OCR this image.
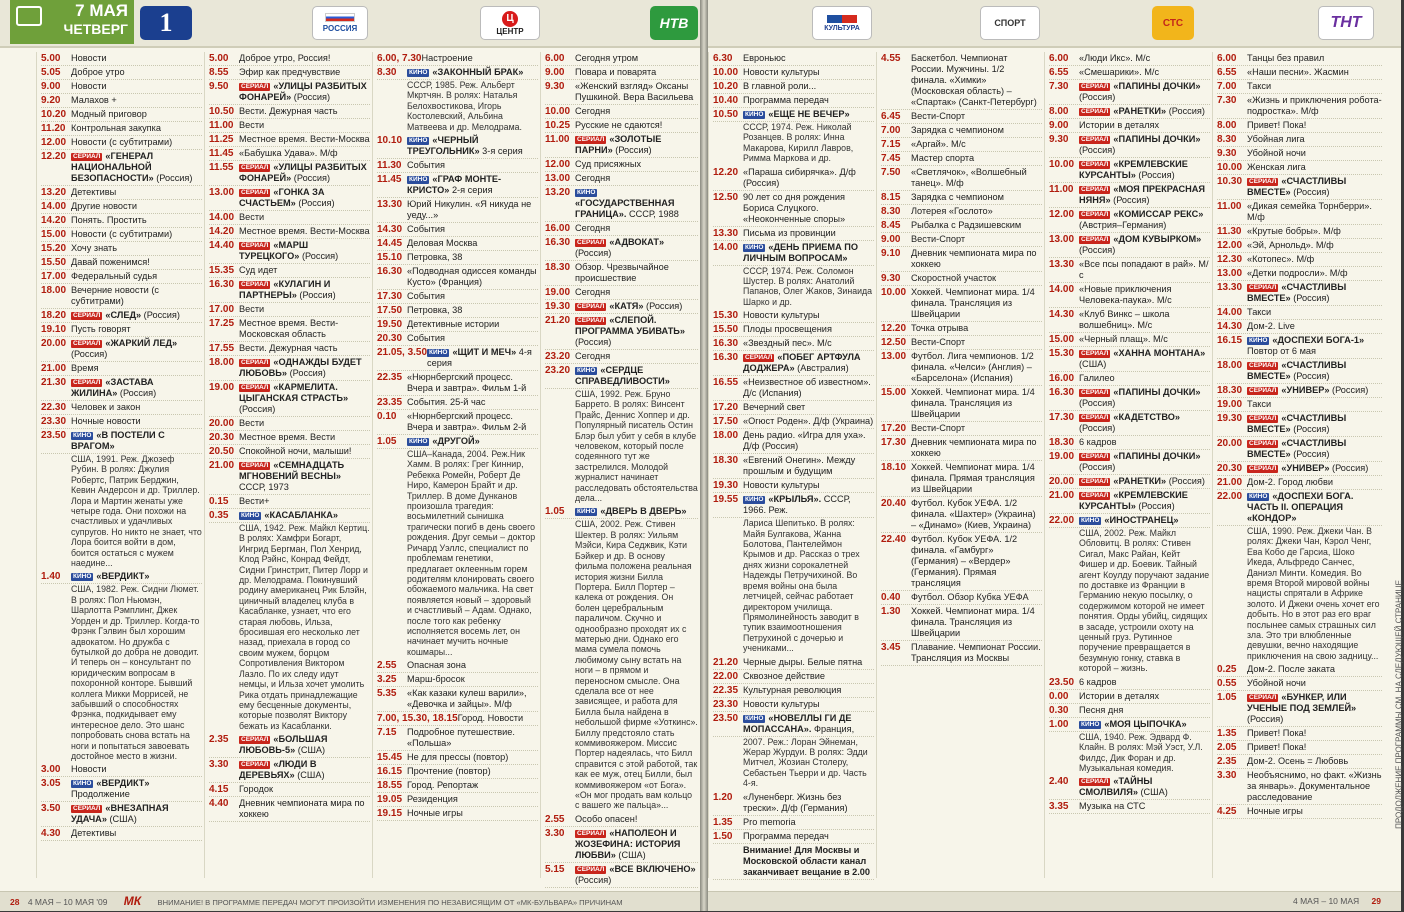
7 МАЯ
ЧЕТВЕРГ	1	РОССИЯ
Ц
ЦЕНТР	НТВ
5.00	Новости
5.05	Доброе утро
9.00	Новости
9.20	Малахов +
10.20 Модный приговор
11.20 Контрольная закупка
12.00 Новости (с субтитрами)
12.20	СЕРИАЛ «ГЕНЕРАЛ НАЦИОНАЛЬНОЙ БЕЗОПАСНОСТИ» (Россия)
13.20 Детективы
14.00 Другие новости
14.20 Понять. Простить
15.00 Новости (с субтитрами)
15.20 Хочу знать
15.50 Давай поженимся!
17.00 Федеральный судья
18.00 Вечерние новости (с субтитрами)
18.20	СЕРИАЛ «СЛЕД» (Россия)
19.10 Пусть говорят
20.00	СЕРИАЛ «ЖАРКИЙ ЛЕД» (Россия)
21.00 Время
21.30	СЕРИАЛ «ЗАСТАВА ЖИЛИНА» (Россия)
22.30 Человек и закон
23.30 Ночные новости
23.50	КИНО «В ПОСТЕЛИ С ВРАГОМ»
США, 1991. Реж. Джозеф Рубин. В ролях: Джулия Робертс, Патрик Берджин, Кевин Андерсон и др. Триллер. Лора и Мартин женаты уже четыре года. Они похожи на счастливых и удачливых супругов. Но никто не знает, что Лора боится войти в дом, боится остаться с мужем наедине...
1.40	КИНО «ВЕРДИКТ»
США, 1982. Реж. Сидни Люмет. В ролях: Пол Ньюмэн, Шарлотта Рэмплинг, Джек Уорден и др. Триллер. Когда-то Фрэнк Гэлвин был хорошим адвокатом. Но дружба с бутылкой до добра не доводит. И теперь он – консультант по юридическим вопросам в похоронной конторе. Бывший коллега Микки Моррисей, не забывший о способностях Фрэнка, подкидывает ему интересное дело. Это шанс попробовать снова встать на ноги и попытаться завоевать достойное место в жизни.
3.00	Новости
3.05	КИНО «ВЕРДИКТ» Продолжение
3.50	СЕРИАЛ «ВНЕЗАПНАЯ УДАЧА» (США)
4.30	Детективы
5.00	Доброе утро, Россия!
8.55	Эфир как предчувствие
9.50	СЕРИАЛ «УЛИЦЫ РАЗБИТЫХ ФОНАРЕЙ» (Россия)
10.50 Вести. Дежурная часть
11.00 Вести
11.25 Местное время. Вести-Москва
11.45 «Бабушка Удава». М/ф
11.55	СЕРИАЛ «УЛИЦЫ РАЗБИТЫХ ФОНАРЕЙ» (Россия)
13.00	СЕРИАЛ «ГОНКА ЗА СЧАСТЬЕМ» (Россия)
14.00 Вести
14.20 Местное время. Вести-Москва
14.40	СЕРИАЛ «МАРШ ТУРЕЦКОГО» (Россия)
15.35 Суд идет
16.30	СЕРИАЛ «КУЛАГИН И ПАРТНЕРЫ» (Россия)
17.00 Вести
17.25 Местное время. Вести-Московская область
17.55 Вести. Дежурная часть
18.00	СЕРИАЛ «ОДНАЖДЫ БУДЕТ ЛЮБОВЬ» (Россия)
19.00	СЕРИАЛ «КАРМЕЛИТА. ЦЫГАНСКАЯ СТРАСТЬ» (Россия)
20.00 Вести
20.30 Местное время. Вести
20.50 Спокойной ночи, малыши!
21.00	СЕРИАЛ «СЕМНАДЦАТЬ МГНОВЕНИЙ ВЕСНЫ» СССР, 1973
0.15	Вести+
0.35	КИНО «КАСАБЛАНКА»
США, 1942. Реж. Майкл Кертиц. В ролях: Хамфри Богарт, Ингрид Бергман, Пол Хенрид, Клод Рэйнс, Конрад Фейдт, Сидни Гринстрит, Питер Лорр и др. Мелодрама. Покинувший родину американец Рик Блэйн, циничный владелец клуба в Касабланке, узнает, что его старая любовь, Ильза, бросившая его несколько лет назад, приехала в город со своим мужем, борцом Сопротивления Виктором Лазло. По их следу идут немцы, и Ильза хочет умолить Рика отдать принадлежащие ему бесценные документы, которые позволят Виктору бежать из Касабланки.
2.35	СЕРИАЛ «БОЛЬШАЯ ЛЮБОВЬ-5» (США)
3.30	СЕРИАЛ «ЛЮДИ В ДЕРЕВЬЯХ» (США)
4.15	Городок
4.40	Дневник чемпионата мира по хоккею
6.00, 7.30 Настроение
8.30	КИНО «ЗАКОННЫЙ БРАК»
СССР, 1985. Реж. Альберт Мкртчян. В ролях: Наталья Белохвостикова, Игорь Костолевский, Альбина Матвеева и др. Мелодрама.
10.10	КИНО «ЧЕРНЫЙ ТРЕУГОЛЬНИК» 3-я серия
11.30 События
11.45	КИНО «ГРАФ МОНТЕ-КРИСТО» 2-я серия
13.30 Юрий Никулин. «Я никуда не уеду...»
14.30 События
14.45 Деловая Москва
15.10 Петровка, 38
16.30 «Подводная одиссея команды Кусто» (Франция)
17.30 События
17.50 Петровка, 38
19.50 Детективные истории
20.30 События
21.05, 3.50 КИНО «ЩИТ И МЕЧ» 4-я серия
22.35 «Нюрнбергский процесс. Вчера и завтра». Фильм 1-й
23.35 События. 25-й час
0.10	«Нюрнбергский процесс. Вчера и завтра». Фильм 2-й
1.05	КИНО «ДРУГОЙ»
США–Канада, 2004. Реж.Ник Хамм. В ролях: Грег Киннир, Ребекка Ромейн, Роберт Де Ниро, Камерон Брайт и др. Триллер. В доме Дунканов произошла трагедия: восьмилетний сынишка трагически погиб в день своего рождения. Друг семьи – доктор Ричард Уэллс, специалист по проблемам генетики, предлагает оклеенным горем родителям клонировать своего обожаемого мальчика. На свет появляется новый – здоровый и счастливый – Адам. Однако, после того как ребенку исполняется восемь лет, он начинает мучить ночные кошмары...
2.55	Опасная зона
3.25	Марш-бросок
5.35	«Как казаки кулеш варили», «Девочка и зайцы». М/ф
7.00, 15.30, 18.15 Город. Новости
7.15	Подробное путешествие. «Польша»
15.45 Не для прессы (повтор)
16.15 Прочтение (повтор)
18.55 Город. Репортаж
19.05 Резиденция
19.15 Ночные игры
6.00	Сегодня утром
9.00	Повара и поварята
9.30	«Женский взгляд» Оксаны Пушкиной. Вера Васильева
10.00 Сегодня
10.25 Русские не сдаются!
11.00	СЕРИАЛ «ЗОЛОТЫЕ ПАРНИ» (Россия)
12.00 Суд присяжных
13.00 Сегодня
13.20	КИНО«ГОСУДАРСТВЕННАЯ ГРАНИЦА». СССР, 1988
16.00 Сегодня
16.30	СЕРИАЛ «АДВОКАТ» (Россия)
18.30 Обзор. Чрезвычайное происшествие
19.00 Сегодня
19.30	СЕРИАЛ «КАТЯ» (Россия)
21.20	СЕРИАЛ «СЛЕПОЙ. ПРОГРАММА УБИВАТЬ» (Россия)
23.20 Сегодня
23.20	КИНО «СЕРДЦЕ СПРАВЕДЛИВОСТИ»
США, 1992. Реж. Бруно Баррето. В ролях: Винсент Прайс, Деннис Хоппер и др. Популярный писатель Остин Блэр был убит у себя в клубе человеком, который после содеянного тут же застрелился. Молодой журналист начинает расследовать обстоятельства дела...
1.05	КИНО «ДВЕРЬ В ДВЕРЬ»
США, 2002. Реж. Стивен Шектер. В ролях: Уильям Мэйси, Кира Седжвик, Кэти Бэйкер и др. В основу фильма положена реальная история жизни Билла Портера. Билл Портер – калека от рождения. Он болен церебральным параличом. Скучно и однообразно проходят их с матерью дни. Однако его мама сумела помочь любимому сыну встать на ноги – в прямом и переносном смысле. Она сделала все от нее зависящее, и работа для Билла была найдена в небольшой фирме «Уоткинс». Биллу предстояло стать коммивояжером. Миссис Портер надеялась, что Билл справится с этой работой, так как ее муж, отец Билли, был коммивояжером «от Бога». «Он мог продать вам кольцо с вашего же пальца»...
2.55	Особо опасен!
3.30	СЕРИАЛ «НАПОЛЕОН И ЖОЗЕФИНА: ИСТОРИЯ ЛЮБВИ» (США)
5.15	СЕРИАЛ «ВСЕ ВКЛЮЧЕНО» (Россия)
28 4 МАЯ – 10 МАЯ '09 МК ВНИМАНИЕ! В ПРОГРАММЕ ПЕРЕДАЧ МОГУТ ПРОИЗОЙТИ ИЗМЕНЕНИЯ ПО НЕЗАВИСЯЩИМ ОТ «МК-БУЛЬВАРА» ПРИЧИНАМ
КУЛЬТУРА	СПОРТ	СТС	ТНТ
6.30	Евроньюс
10.00 Новости культуры
10.20 В главной роли...
10.40 Программа передач
10.50	КИНО «ЕЩЕ НЕ ВЕЧЕР»
СССР, 1974. Реж. Николай Розанцев. В ролях: Инна Макарова, Кирилл Лавров, Римма Маркова и др.
12.20 «Параша сибирячка». Д/ф (Россия)
12.50 90 лет со дня рождения Бориса Слуцкого. «Неоконченные споры»
13.30 Письма из провинции
14.00	КИНО «ДЕНЬ ПРИЕМА ПО ЛИЧНЫМ ВОПРОСАМ»
СССР, 1974. Реж. Соломон Шустер. В ролях: Анатолий Папанов, Олег Жаков, Зинаида Шарко и др.
15.30 Новости культуры
15.50 Плоды просвещения
16.30 «Звездный пес». М/с
16.30	СЕРИАЛ «ПОБЕГ АРТФУЛА ДОДЖЕРА» (Австралия)
16.55 «Неизвестное об известном». Д/с (Испания)
17.20 Вечерний свет
17.50 «Огюст Роден». Д/ф (Украина)
18.00 День радио. «Игра для уха». Д/ф (Россия)
18.30 «Евгений Онегин». Между прошлым и будущим
19.30 Новости культуры
19.55	КИНО «КРЫЛЬЯ». СССР, 1966. Реж.
Лариса Шепитько. В ролях: Майя Булгакова, Жанна Болотова, Пантелеймон Крымов и др. Рассказ о трех днях жизни сорокалетней Надежды Петручихиной. Во время войны она была летчицей, сейчас работает директором училища. Прямолинейность заводит в тупик взаимоотношения Петрухиной с дочерью и учениками...
21.20 Черные дыры. Белые пятна
22.00 Сквозное действие
22.35 Культурная революция
23.30 Новости культуры
23.50	КИНО «НОВЕЛЛЫ ГИ ДЕ МОПАССАНА». Франция,
2007. Реж.: Лоран Эйнеман, Жерар Журдуи. В ролях: Эдди Митчел, Жозиан Столеру, Себастьен Тьерри и др. Часть 4-я.
1.20	«Луненберг. Жизнь без трески». Д/ф (Германия)
1.35	Pro memoria
1.50	Программа передач
Внимание! Для Москвы и Московской области канал заканчивает вещание в 2.00
4.55	Баскетбол. Чемпионат России. Мужчины. 1/2 финала. «Химки» (Московская область) – «Спартак» (Санкт-Петербург)
6.45	Вести-Спорт
7.00	Зарядка с чемпионом
7.15	«Аргай». М/с
7.45	Мастер спорта
7.50	«Светлячок», «Волшебный танец». М/ф
8.15	Зарядка с чемпионом
8.30	Лотерея «Гослото»
8.45	Рыбалка с Радзишевским
9.00	Вести-Спорт
9.10	Дневник чемпионата мира по хоккею
9.30	Скоростной участок
10.00 Хоккей. Чемпионат мира. 1/4 финала. Трансляция из Швейцарии
12.20 Точка отрыва
12.50 Вести-Спорт
13.00 Футбол. Лига чемпионов. 1/2 финала. «Челси» (Англия) – «Барселона» (Испания)
15.00 Хоккей. Чемпионат мира. 1/4 финала. Трансляция из Швейцарии
17.20 Вести-Спорт
17.30 Дневник чемпионата мира по хоккею
18.10 Хоккей. Чемпионат мира. 1/4 финала. Прямая трансляция из Швейцарии
20.40 Футбол. Кубок УЕФА. 1/2 финала. «Шахтер» (Украина) – «Динамо» (Киев, Украина)
22.40 Футбол. Кубок УЕФА. 1/2 финала. «Гамбург» (Германия) – «Вердер» (Германия). Прямая трансляция
0.40	Футбол. Обзор Кубка УЕФА
1.30	Хоккей. Чемпионат мира. 1/4 финала. Трансляция из Швейцарии
3.45	Плавание. Чемпионат России. Трансляция из Москвы
6.00	«Люди Икс». М/с
6.55	«Смешарики». М/с
7.30	СЕРИАЛ «ПАПИНЫ ДОЧКИ» (Россия)
8.00	СЕРИАЛ «РАНЕТКИ» (Россия)
9.00	Истории в деталях
9.30	СЕРИАЛ «ПАПИНЫ ДОЧКИ» (Россия)
10.00	СЕРИАЛ «КРЕМЛЕВСКИЕ КУРСАНТЫ» (Россия)
11.00	СЕРИАЛ «МОЯ ПРЕКРАСНАЯ НЯНЯ» (Россия)
12.00	СЕРИАЛ «КОМИССАР РЕКС» (Австрия–Германия)
13.00	СЕРИАЛ «ДОМ КУВЫРКОМ» (Россия)
13.30 «Все псы попадают в рай». М/с
14.00 «Новые приключения Человека-паука». М/с
14.30 «Клуб Винкс – школа волшебниц». М/с
15.00 «Черный плащ». М/с
15.30	СЕРИАЛ «ХАННА МОНТАНА» (США)
16.00 Галилео
16.30	СЕРИАЛ «ПАПИНЫ ДОЧКИ» (Россия)
17.30	СЕРИАЛ «КАДЕТСТВО» (Россия)
18.30 6 кадров
19.00	СЕРИАЛ «ПАПИНЫ ДОЧКИ» (Россия)
20.00	СЕРИАЛ «РАНЕТКИ» (Россия)
21.00	СЕРИАЛ «КРЕМЛЕВСКИЕ КУРСАНТЫ» (Россия)
22.00	КИНО «ИНОСТРАНЕЦ»
США, 2002. Реж. Майкл Обловитц. В ролях: Стивен Сигал, Макс Райан, Кейт Фишер и др. Боевик. Тайный агент Коулду поручают задание по доставке из Франции в Германию некую посылку, о содержимом которой не имеет понятия. Орды убийц, сидящих в засаде, устроили охоту на ценный груз. Рутинное поручение превращается в безумную гонку, ставка в которой – жизнь.
23.50 6 кадров
0.00	Истории в деталях
0.30	Песня дня
1.00	КИНО «МОЯ ЦЫПОЧКА»
США, 1940. Реж. Эдвард Ф. Клайн. В ролях: Мэй Уэст, У.Л. Филдс, Дик Форан и др. Музыкальная комедия.
2.40	СЕРИАЛ «ТАЙНЫ СМОЛВИЛЯ» (США)
3.35	Музыка на СТС
6.00	Танцы без правил
6.55	«Наши песни». Жасмин
7.00	Такси
7.30	«Жизнь и приключения робота-подростка». М/ф
8.00	Привет! Пока!
8.30	Убойная лига
9.30	Убойной ночи
10.00 Женская лига
10.30	СЕРИАЛ «СЧАСТЛИВЫ ВМЕСТЕ» (Россия)
11.00 «Дикая семейка Торнберри». М/ф
11.30 «Крутые бобры». М/ф
12.00 «Эй, Арнольд». М/ф
12.30 «Котопес». М/ф
13.00 «Детки подросли». М/ф
13.30	СЕРИАЛ «СЧАСТЛИВЫ ВМЕСТЕ» (Россия)
14.00 Такси
14.30 Дом-2. Live
16.15	КИНО «ДОСПЕХИ БОГА-1» Повтор от 6 мая
18.00	СЕРИАЛ «СЧАСТЛИВЫ ВМЕСТЕ» (Россия)
18.30	СЕРИАЛ «УНИВЕР» (Россия)
19.00 Такси
19.30	СЕРИАЛ «СЧАСТЛИВЫ ВМЕСТЕ» (Россия)
20.00	СЕРИАЛ «СЧАСТЛИВЫ ВМЕСТЕ» (Россия)
20.30	СЕРИАЛ «УНИВЕР» (Россия)
21.00 Дом-2. Город любви
22.00	КИНО «ДОСПЕХИ БОГА. ЧАСТЬ II. ОПЕРАЦИЯ «КОНДОР»
США, 1990. Реж. Джеки Чан. В ролях: Джеки Чан, Кэрол Ченг, Ева Кобо де Гарсиа, Шоко Икеда, Альфредо Санчес, Даниэл Минти. Комедия. Во время Второй мировой войны нацисты спрятали в Африке золото. И Джеки очень хочет его добыть. Но в этот раз его враг послынее самых страшных сил зла. Это три влюбленные девушки, вечно находящие приключения на свою задницу...
0.25	Дом-2. После заката
0.55	Убойной ночи
1.05	СЕРИАЛ «БУНКЕР, ИЛИ УЧЕНЫЕ ПОД ЗЕМЛЕЙ» (Россия)
1.35	Привет! Пока!
2.05	Привет! Пока!
2.35	Дом-2. Осень = Любовь
3.30	Необъяснимо, но факт. «Жизнь за январь». Документальное расследование
4.25	Ночные игры	ПРОДОЛЖЕНИЕ ПРОГРАММЫ СМ. НА СЛЕДУЮЩЕЙ СТРАНИЦЕ
4 МАЯ – 10 МАЯ 29
